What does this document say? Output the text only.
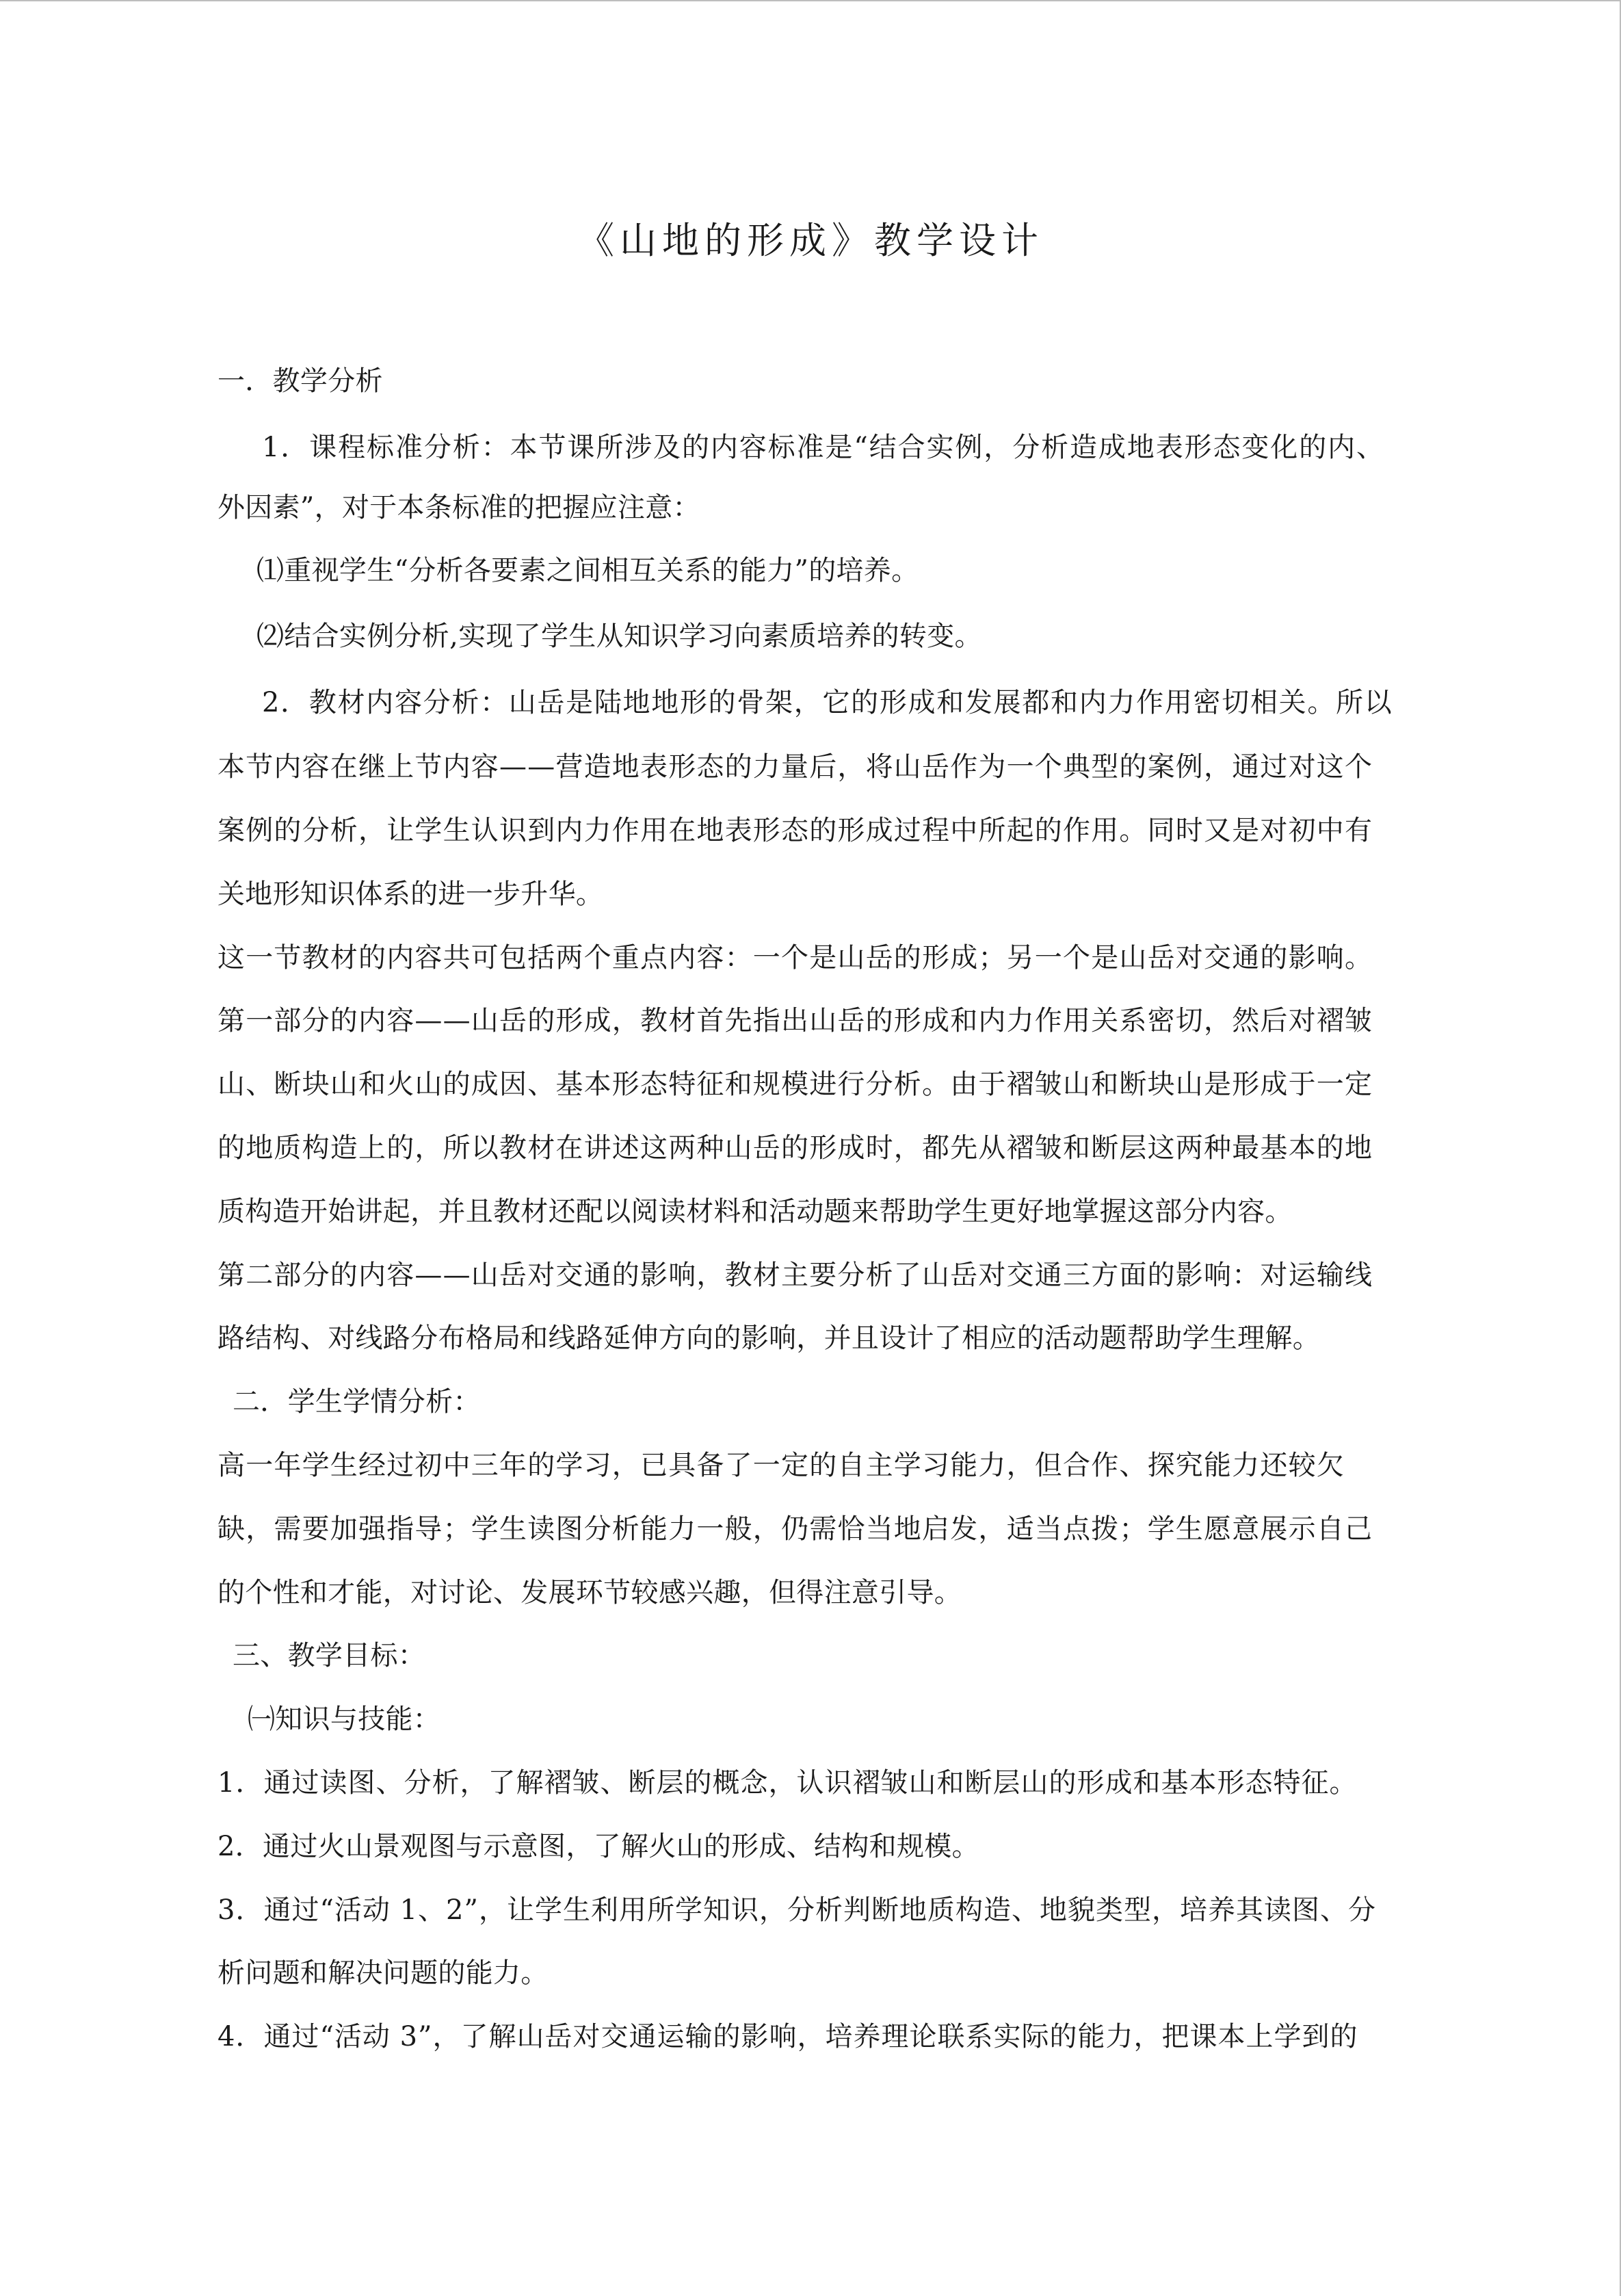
《山地的形成》教学设计
一．教学分析
1．课程标准分析：本节课所涉及的内容标准是“结合实例，分析造成地表形态变化的内、
外因素”，对于本条标准的把握应注意：
⑴重视学生“分析各要素之间相互关系的能力”的培养。
⑵结合实例分析,实现了学生从知识学习向素质培养的转变。
2．教材内容分析：山岳是陆地地形的骨架，它的形成和发展都和内力作用密切相关。所以
本节内容在继上节内容——营造地表形态的力量后，将山岳作为一个典型的案例，通过对这个
案例的分析，让学生认识到内力作用在地表形态的形成过程中所起的作用。同时又是对初中有
关地形知识体系的进一步升华。
这一节教材的内容共可包括两个重点内容：一个是山岳的形成；另一个是山岳对交通的影响。
第一部分的内容——山岳的形成，教材首先指出山岳的形成和内力作用关系密切，然后对褶皱
山、断块山和火山的成因、基本形态特征和规模进行分析。由于褶皱山和断块山是形成于一定
的地质构造上的，所以教材在讲述这两种山岳的形成时，都先从褶皱和断层这两种最基本的地
质构造开始讲起，并且教材还配以阅读材料和活动题来帮助学生更好地掌握这部分内容。
第二部分的内容——山岳对交通的影响，教材主要分析了山岳对交通三方面的影响：对运输线
路结构、对线路分布格局和线路延伸方向的影响，并且设计了相应的活动题帮助学生理解。
二．学生学情分析：
高一年学生经过初中三年的学习，已具备了一定的自主学习能力，但合作、探究能力还较欠
缺，需要加强指导；学生读图分析能力一般，仍需恰当地启发，适当点拨；学生愿意展示自己
的个性和才能，对讨论、发展环节较感兴趣，但得注意引导。
三、教学目标：
㈠知识与技能：
1．通过读图、分析，了解褶皱、断层的概念，认识褶皱山和断层山的形成和基本形态特征。
2．通过火山景观图与示意图，了解火山的形成、结构和规模。
3．通过“活动 1、2”，让学生利用所学知识，分析判断地质构造、地貌类型，培养其读图、分
析问题和解决问题的能力。
4．通过“活动 3”，了解山岳对交通运输的影响，培养理论联系实际的能力，把课本上学到的
